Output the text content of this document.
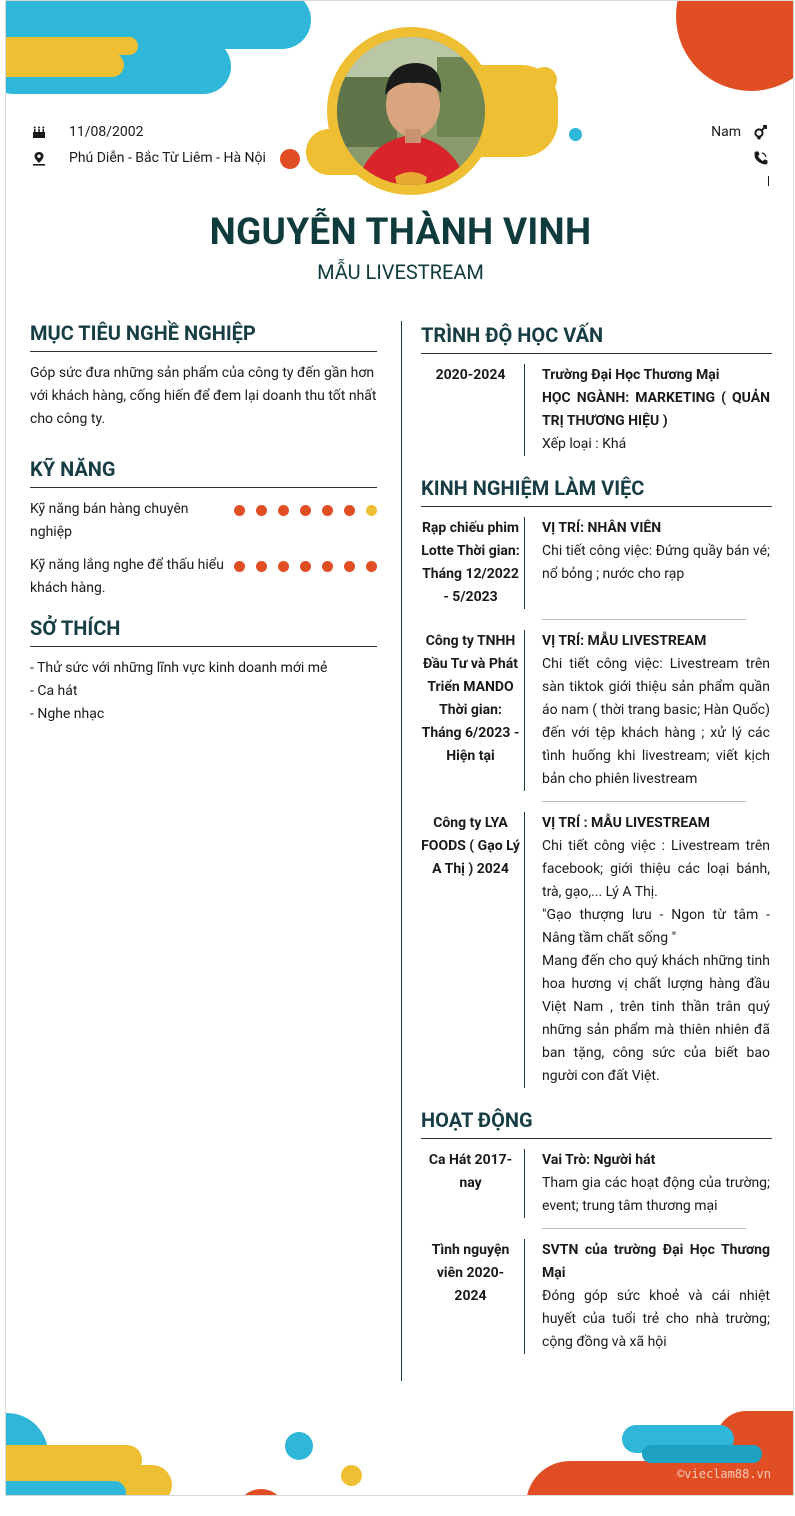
11/08/2002
Phú Diễn - Bắc Từ Liêm - Hà Nội
Nam
NGUYỄN THÀNH VINH
MẪU LIVESTREAM
MỤC TIÊU NGHỀ NGHIỆP
Góp sức đưa những sản phẩm của công ty đến gần hơn với khách hàng, cống hiến để đem lại doanh thu tốt nhất cho công ty.
KỸ NĂNG
Kỹ năng bán hàng chuyên nghiệp
Kỹ năng lắng nghe để thấu hiểu khách hàng.
SỞ THÍCH
- Thử sức với những lĩnh vực kinh doanh mới mẻ
- Ca hát
- Nghe nhạc
TRÌNH ĐỘ HỌC VẤN
2020-2024	Trường Đại Học Thương Mại
HỌC NGÀNH: MARKETING ( QUẢN TRỊ THƯƠNG HIỆU )
Xếp loại : Khá
KINH NGHIỆM LÀM VIỆC
Rạp chiếu phim Lotte Thời gian: Tháng 12/2022 - 5/2023
VỊ TRÍ: NHÂN VIÊN
Chi tiết công việc: Đứng quầy bán vé; nổ bỏng ; nước cho rạp
Công ty TNHH Đầu Tư và Phát Triển MANDO Thời gian: Tháng 6/2023 - Hiện tại
VỊ TRÍ: MẪU LIVESTREAM
Chi tiết công việc: Livestream trên sàn tiktok giới thiệu sản phẩm quần áo nam ( thời trang basic; Hàn Quốc) đến với tệp khách hàng ; xử lý các tình huống khi livestream; viết kịch bản cho phiên livestream
Công ty LYA FOODS ( Gạo Lý A Thị ) 2024
VỊ TRÍ : MẪU LIVESTREAM
Chi tiết công việc : Livestream trên facebook; giới thiệu các loại bánh, trà, gạo,... Lý A Thị.
"Gạo thượng lưu - Ngon từ tâm - Nâng tầm chất sống "
Mang đến cho quý khách những tinh hoa hương vị chất lượng hàng đầu Việt Nam , trên tinh thần trân quý những sản phẩm mà thiên nhiên đã ban tặng, công sức của biết bao người con đất Việt.
HOẠT ĐỘNG
Ca Hát 2017- nay
Vai Trò: Người hát
Tham gia các hoạt động của trường; event; trung tâm thương mại
Tình nguyện viên 2020-2024
SVTN của trường Đại Học Thương Mại
Đóng góp sức khoẻ và cái nhiệt huyết của tuổi trẻ cho nhà trường; cộng đồng và xã hội
©vieclam88.vn
